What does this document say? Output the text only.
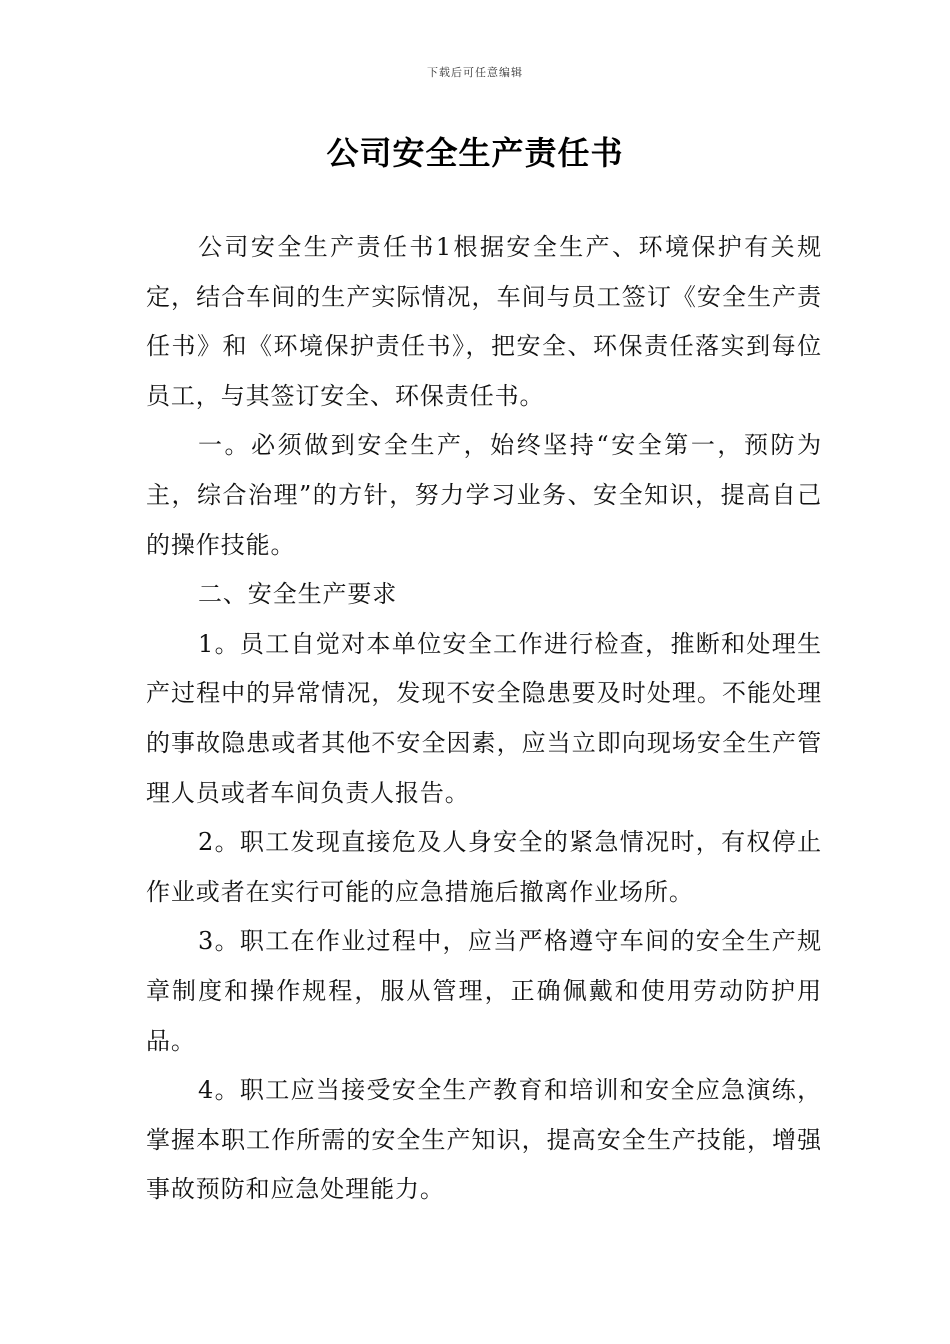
下载后可任意编辑
公司安全生产责任书

公司安全生产责任书1根据安全生产、环境保护有关规定，结合车间的生产实际情况，车间与员工签订《安全生产责任书》和《环境保护责任书》，把安全、环保责任落实到每位员工，与其签订安全、环保责任书。

一。必须做到安全生产，始终坚持“安全第一，预防为主，综合治理”的方针，努力学习业务、安全知识，提高自己的操作技能。

二、安全生产要求

1。员工自觉对本单位安全工作进行检查，推断和处理生产过程中的异常情况，发现不安全隐患要及时处理。不能处理的事故隐患或者其他不安全因素，应当立即向现场安全生产管理人员或者车间负责人报告。

2。职工发现直接危及人身安全的紧急情况时，有权停止作业或者在实行可能的应急措施后撤离作业场所。

3。职工在作业过程中，应当严格遵守车间的安全生产规章制度和操作规程，服从管理，正确佩戴和使用劳动防护用品。

4。职工应当接受安全生产教育和培训和安全应急演练，掌握本职工作所需的安全生产知识，提高安全生产技能，增强事故预防和应急处理能力。
